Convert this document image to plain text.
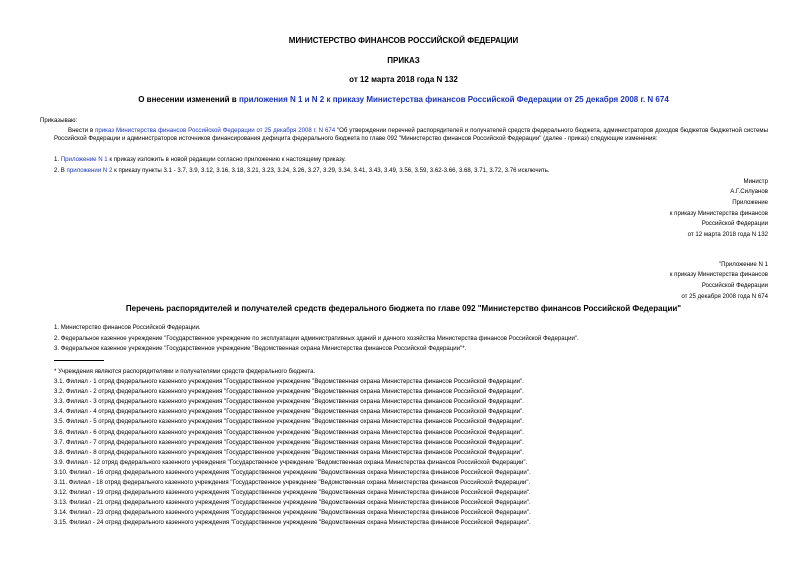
МИНИСТЕРСТВО ФИНАНСОВ РОССИЙСКОЙ ФЕДЕРАЦИИ
ПРИКАЗ
от 12 марта 2018 года N 132
О внесении изменений в приложения N 1 и N 2 к приказу Министерства финансов Российской Федерации от 25 декабря 2008 г. N 674
Приказываю:
Внести в приказ Министерства финансов Российской Федерации от 25 декабря 2008 г. N 674 "Об утверждении перечней распорядителей и получателей средств федерального бюджета, администраторов доходов бюджетов бюджетной системы Российской Федерации и администраторов источников финансирования дефицита федерального бюджета по главе 092 "Министерство финансов Российской Федерации" (далее - приказ) следующие изменения:
1. Приложение N 1 к приказу изложить в новой редакции согласно приложению к настоящему приказу.
2. В приложении N 2 к приказу пункты 3.1 - 3.7, 3.9, 3.12, 3.16, 3.18, 3.21, 3.23, 3.24, 3.26, 3.27, 3.29, 3.34, 3.41, 3.43, 3.49, 3.56, 3.59, 3.62-3.66, 3.68, 3.71, 3.72, 3.76 исключить.
Министр
А.Г.Силуанов
Приложение
к приказу Министерства финансов
Российской Федерации
от 12 марта 2018 года N 132
"Приложение N 1
к приказу Министерства финансов
Российской Федерации
от 25 декабря 2008 года N 674
Перечень распорядителей и получателей средств федерального бюджета по главе 092 "Министерство финансов Российской Федерации"
1. Министерство финансов Российской Федерации.
2. Федеральное казенное учреждение "Государственное учреждение по эксплуатации административных зданий и дачного хозяйства Министерства финансов Российской Федерации".
3. Федеральное казенное учреждение "Государственное учреждение "Ведомственная охрана Министерства финансов Российской Федерации"*.
* Учреждения являются распорядителями и получателями средств федерального бюджета.
3.1. Филиал - 1 отряд федерального казенного учреждения "Государственное учреждение "Ведомственная охрана Министерства финансов Российской Федерации".
3.2. Филиал - 2 отряд федерального казенного учреждения "Государственное учреждение "Ведомственная охрана Министерства финансов Российской Федерации".
3.3. Филиал - 3 отряд федерального казенного учреждения "Государственное учреждение "Ведомственная охрана Министерства финансов Российской Федерации".
3.4. Филиал - 4 отряд федерального казенного учреждения "Государственное учреждение "Ведомственная охрана Министерства финансов Российской Федерации".
3.5. Филиал - 5 отряд федерального казенного учреждения "Государственное учреждение "Ведомственная охрана Министерства финансов Российской Федерации".
3.6. Филиал - 6 отряд федерального казенного учреждения "Государственное учреждение "Ведомственная охрана Министерства финансов Российской Федерации".
3.7. Филиал - 7 отряд федерального казенного учреждения "Государственное учреждение "Ведомственная охрана Министерства финансов Российской Федерации".
3.8. Филиал - 8 отряд федерального казенного учреждения "Государственное учреждение "Ведомственная охрана Министерства финансов Российской Федерации".
3.9. Филиал - 12 отряд федерального казенного учреждения "Государственное учреждение "Ведомственная охрана Министерства финансов Российской Федерации".
3.10. Филиал - 16 отряд федерального казенного учреждения "Государственное учреждение "Ведомственная охрана Министерства финансов Российской Федерации".
3.11. Филиал - 18 отряд федерального казенного учреждения "Государственное учреждение "Ведомственная охрана Министерства финансов Российской Федерации".
3.12. Филиал - 19 отряд федерального казенного учреждения "Государственное учреждение "Ведомственная охрана Министерства финансов Российской Федерации".
3.13. Филиал - 21 отряд федерального казенного учреждения "Государственное учреждение "Ведомственная охрана Министерства финансов Российской Федерации".
3.14. Филиал - 23 отряд федерального казенного учреждения "Государственное учреждение "Ведомственная охрана Министерства финансов Российской Федерации".
3.15. Филиал - 24 отряд федерального казенного учреждения "Государственное учреждение "Ведомственная охрана Министерства финансов Российской Федерации".
